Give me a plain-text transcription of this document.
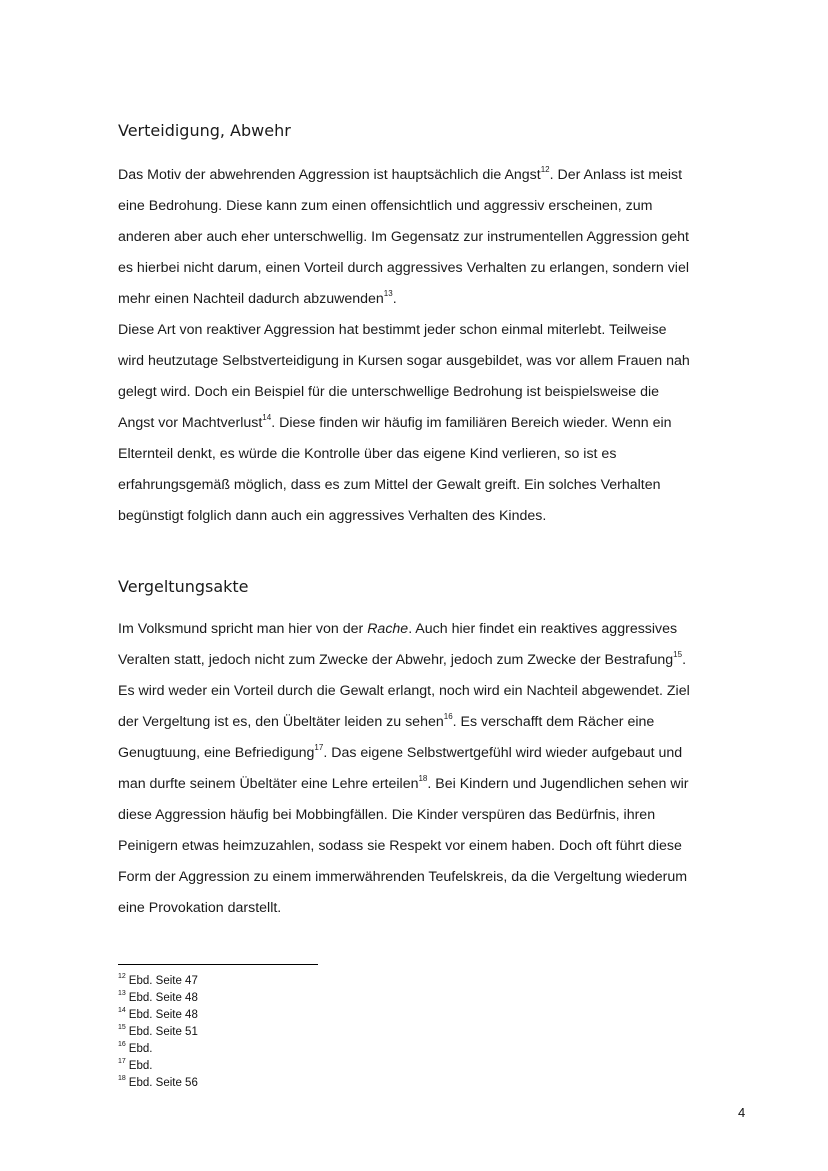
Verteidigung, Abwehr

Das Motiv der abwehrenden Aggression ist hauptsächlich die Angst$^{12}$. Der Anlass ist meist
eine Bedrohung. Diese kann zum einen offensichtlich und aggressiv erscheinen, zum
anderen aber auch eher unterschwellig. Im Gegensatz zur instrumentellen Aggression geht
es hierbei nicht darum, einen Vorteil durch aggressives Verhalten zu erlangen, sondern viel
mehr einen Nachteil dadurch abzuwenden$^{13}$.

Diese Art von reaktiver Aggression hat bestimmt jeder schon einmal miterlebt. Teilweise
wird heutzutage Selbstverteidigung in Kursen sogar ausgebildet, was vor allem Frauen nah
gelegt wird. Doch ein Beispiel für die unterschwellige Bedrohung ist beispielsweise die
Angst vor Machtverlust$^{14}$. Diese finden wir häufig im familiären Bereich wieder. Wenn ein
Elternteil denkt, es würde die Kontrolle über das eigene Kind verlieren, so ist es
erfahrungsgemäß möglich, dass es zum Mittel der Gewalt greift. Ein solches Verhalten
begünstigt folglich dann auch ein aggressives Verhalten des Kindes.

Vergeltungsakte

Im Volksmund spricht man hier von der Rache. Auch hier findet ein reaktives aggressives
Veralten statt, jedoch nicht zum Zwecke der Abwehr, jedoch zum Zwecke der Bestrafung$^{15}$.
Es wird weder ein Vorteil durch die Gewalt erlangt, noch wird ein Nachteil abgewendet. Ziel
der Vergeltung ist es, den Übeltäter leiden zu sehen$^{16}$. Es verschafft dem Rächer eine
Genugtuung, eine Befriedigung$^{17}$. Das eigene Selbstwertgefühl wird wieder aufgebaut und
man durfte seinem Übeltäter eine Lehre erteilen$^{18}$. Bei Kindern und Jugendlichen sehen wir
diese Aggression häufig bei Mobbingfällen. Die Kinder verspüren das Bedürfnis, ihren
Peinigern etwas heimzuzahlen, sodass sie Respekt vor einem haben. Doch oft führt diese
Form der Aggression zu einem immerwährenden Teufelskreis, da die Vergeltung wiederum
eine Provokation darstellt.

$^{12}$ Ebd. Seite 47
$^{13}$ Ebd. Seite 48
$^{14}$ Ebd. Seite 48
$^{15}$ Ebd. Seite 51
$^{16}$ Ebd.
$^{17}$ Ebd.
$^{18}$ Ebd. Seite 56
4
